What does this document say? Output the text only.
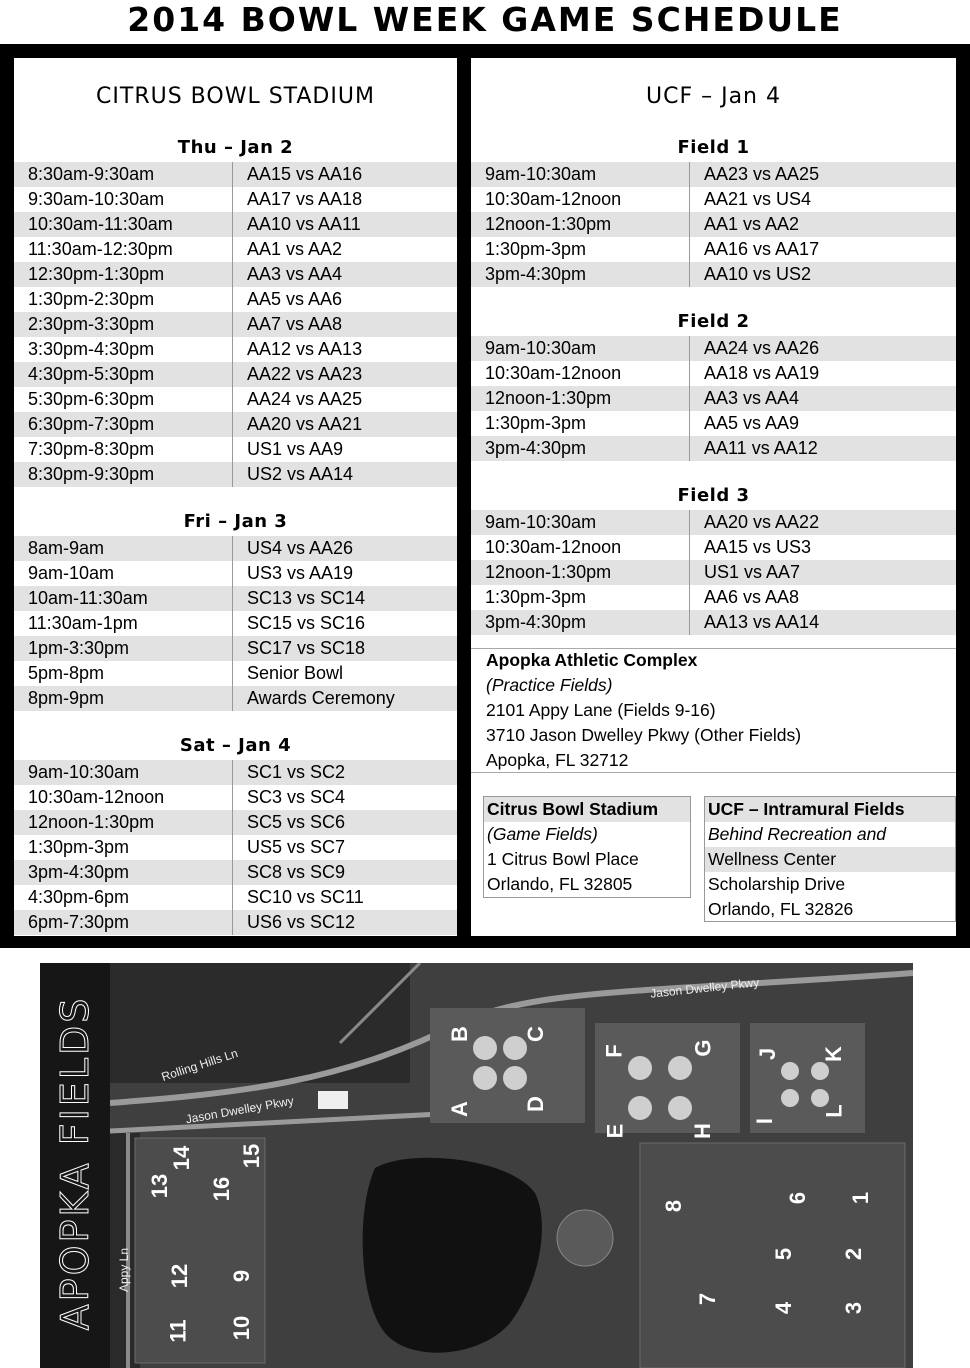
2014 BOWL WEEK GAME SCHEDULE
CITRUS BOWL STADIUM
Thu – Jan 2
8:30am-9:30am	AA15 vs AA16
9:30am-10:30am	AA17 vs AA18
10:30am-11:30am	AA10 vs AA11
11:30am-12:30pm	AA1 vs AA2
12:30pm-1:30pm	AA3 vs AA4
1:30pm-2:30pm	AA5 vs AA6
2:30pm-3:30pm	AA7 vs AA8
3:30pm-4:30pm	AA12 vs AA13
4:30pm-5:30pm	AA22 vs AA23
5:30pm-6:30pm	AA24 vs AA25
6:30pm-7:30pm	AA20 vs AA21
7:30pm-8:30pm	US1 vs AA9
8:30pm-9:30pm	US2 vs AA14
Fri – Jan 3
8am-9am	US4 vs AA26
9am-10am	US3 vs AA19
10am-11:30am	SC13 vs SC14
11:30am-1pm	SC15 vs SC16
1pm-3:30pm	SC17 vs SC18
5pm-8pm	Senior Bowl
8pm-9pm	Awards Ceremony
Sat – Jan 4
9am-10:30am	SC1 vs SC2
10:30am-12noon	SC3 vs SC4
12noon-1:30pm	SC5 vs SC6
1:30pm-3pm	US5 vs SC7
3pm-4:30pm	SC8 vs SC9
4:30pm-6pm	SC10 vs SC11
6pm-7:30pm	US6 vs SC12
UCF – Jan 4
Field 1
9am-10:30am	AA23 vs AA25
10:30am-12noon	AA21 vs US4
12noon-1:30pm	AA1 vs AA2
1:30pm-3pm	AA16 vs AA17
3pm-4:30pm	AA10 vs US2
Field 2
9am-10:30am	AA24 vs AA26
10:30am-12noon	AA18 vs AA19
12noon-1:30pm	AA3 vs AA4
1:30pm-3pm	AA5 vs AA9
3pm-4:30pm	AA11 vs AA12
Field 3
9am-10:30am	AA20 vs AA22
10:30am-12noon	AA15 vs US3
12noon-1:30pm	US1 vs AA7
1:30pm-3pm	AA6 vs AA8
3pm-4:30pm	AA13 vs AA14
Apopka Athletic Complex
(Practice Fields)
2101 Appy Lane (Fields 9-16)
3710 Jason Dwelley Pkwy (Other Fields)
Apopka, FL 32712
Citrus Bowl Stadium
(Game Fields)
1 Citrus Bowl Place
Orlando, FL 32805
UCF – Intramural Fields
Behind Recreation and
Wellness Center
Scholarship Drive
Orlando, FL 32826
APOPKA FIELDS
Jason Dwelley Pkwy
Rolling Hills Ln
Jason Dwelley Pkwy
Appy Ln
A
B C
D
E
F	G
H
I
J K
L
1
2
3
4
5
6
7
8
9
10
11
12
13
14 15
16
